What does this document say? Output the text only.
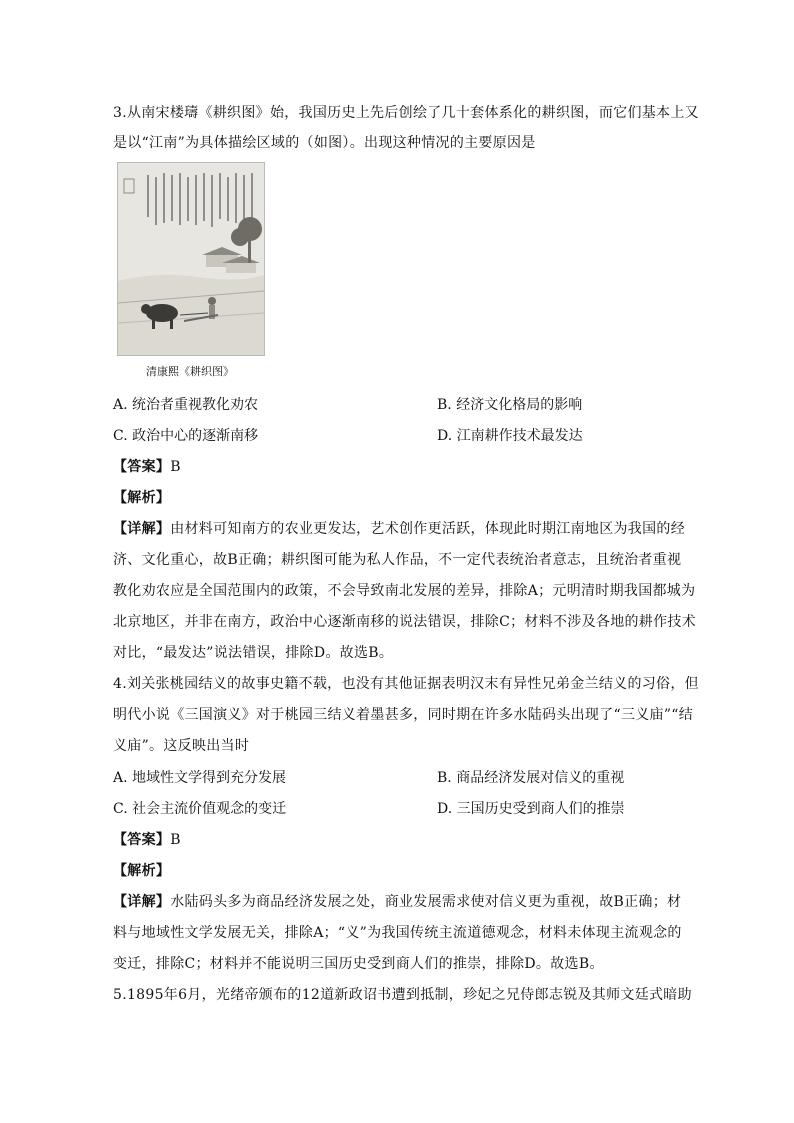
3.从南宋楼璹《耕织图》始，我国历史上先后创绘了几十套体系化的耕织图，而它们基本上又
是以“江南”为具体描绘区域的（如图）。出现这种情况的主要原因是
清康熙《耕织图》
A. 统治者重视教化劝农	B. 经济文化格局的影响
C. 政治中心的逐渐南移	D. 江南耕作技术最发达
【答案】B
【解析】
【详解】由材料可知南方的农业更发达，艺术创作更活跃，体现此时期江南地区为我国的经
济、文化重心，故B正确；耕织图可能为私人作品，不一定代表统治者意志，且统治者重视
教化劝农应是全国范围内的政策，不会导致南北发展的差异，排除A；元明清时期我国都城为
北京地区，并非在南方，政治中心逐渐南移的说法错误，排除C；材料不涉及各地的耕作技术
对比，“最发达”说法错误，排除D。故选B。
4.刘关张桃园结义的故事史籍不载，也没有其他证据表明汉末有异性兄弟金兰结义的习俗，但
明代小说《三国演义》对于桃园三结义着墨甚多，同时期在许多水陆码头出现了“三义庙”“结
义庙”。这反映出当时
A. 地域性文学得到充分发展	B. 商品经济发展对信义的重视
C. 社会主流价值观念的变迁	D. 三国历史受到商人们的推崇
【答案】B
【解析】
【详解】水陆码头多为商品经济发展之处，商业发展需求使对信义更为重视，故B正确；材
料与地域性文学发展无关，排除A；“义”为我国传统主流道德观念，材料未体现主流观念的
变迁，排除C；材料并不能说明三国历史受到商人们的推崇，排除D。故选B。
5.1895年6月，光绪帝颁布的12道新政诏书遭到抵制，珍妃之兄侍郎志锐及其师文廷式暗助
